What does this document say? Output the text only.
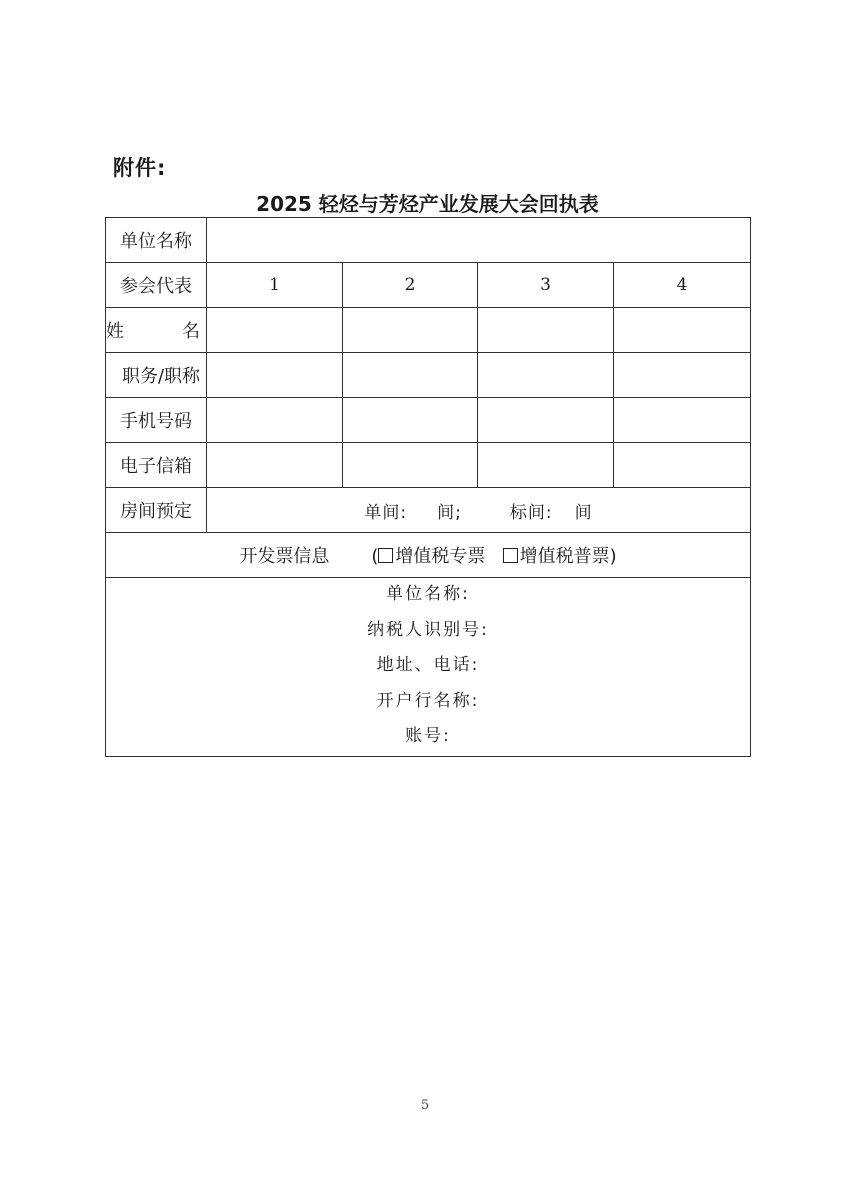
附件:
2025 轻烃与芳烃产业发展大会回执表
单位名称				
参会代表	1	2	3	4

姓 名				

职务/职称				
手机号码				
电子信箱				
房间预定	单间: 间; 标间: 间			
开发票信息 ( 增值税专票 增值税普票)				

单位名称:
纳税人识别号:
地址、电话:
开户行名称:
账号:				
5
